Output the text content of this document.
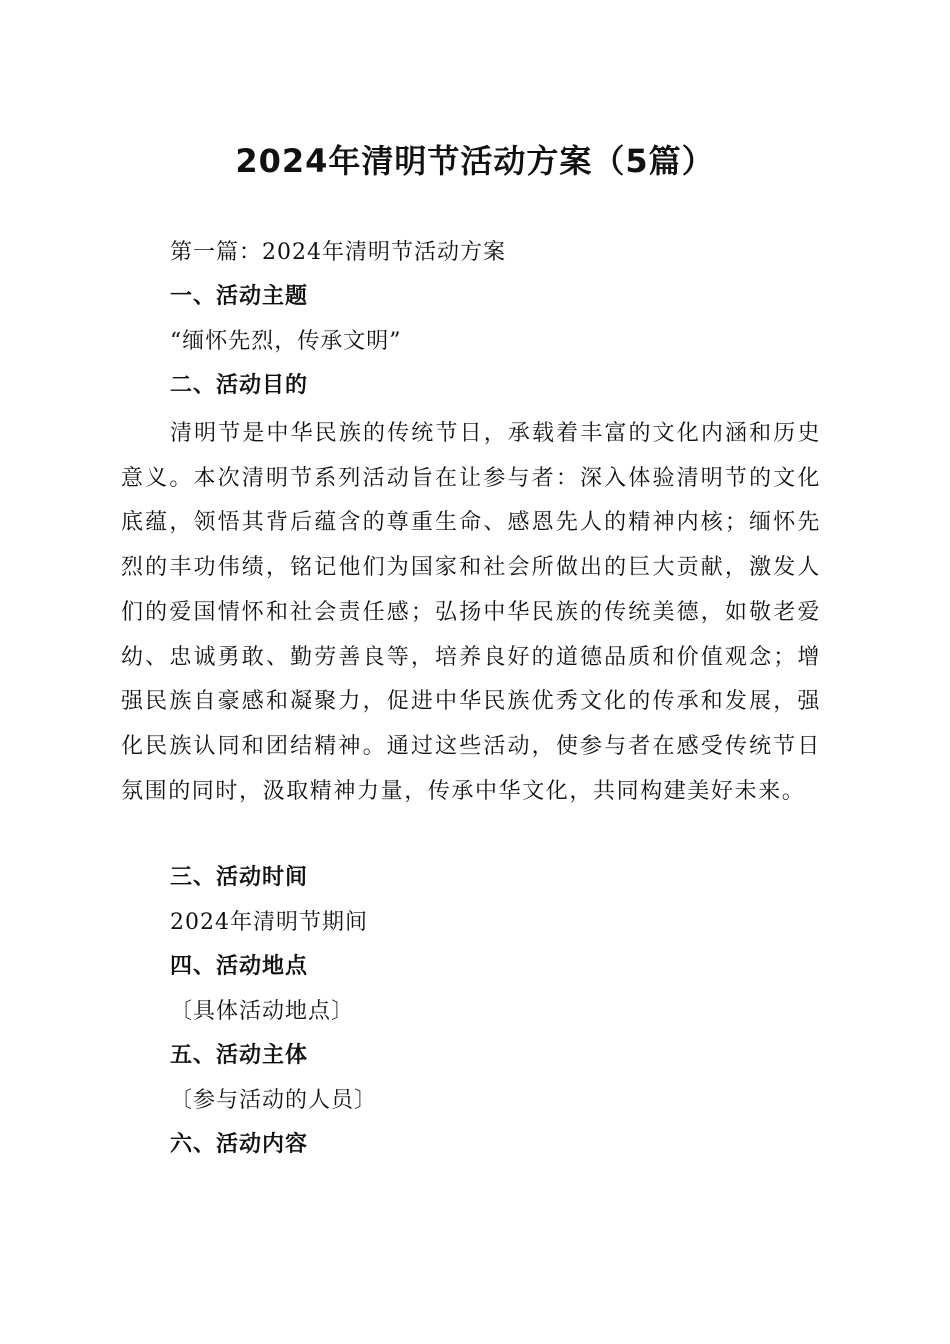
2024年清明节活动方案（5篇）
第一篇：2024年清明节活动方案
一、活动主题
“缅怀先烈，传承文明”
二、活动目的
清明节是中华民族的传统节日，承载着丰富的文化内涵和历史意义。本次清明节系列活动旨在让参与者：深入体验清明节的文化底蕴，领悟其背后蕴含的尊重生命、感恩先人的精神内核；缅怀先烈的丰功伟绩，铭记他们为国家和社会所做出的巨大贡献，激发人们的爱国情怀和社会责任感；弘扬中华民族的传统美德，如敬老爱幼、忠诚勇敢、勤劳善良等，培养良好的道德品质和价值观念；增强民族自豪感和凝聚力，促进中华民族优秀文化的传承和发展，强化民族认同和团结精神。通过这些活动，使参与者在感受传统节日氛围的同时，汲取精神力量，传承中华文化，共同构建美好未来。
三、活动时间
2024年清明节期间
四、活动地点
〔具体活动地点〕
五、活动主体
〔参与活动的人员〕
六、活动内容
